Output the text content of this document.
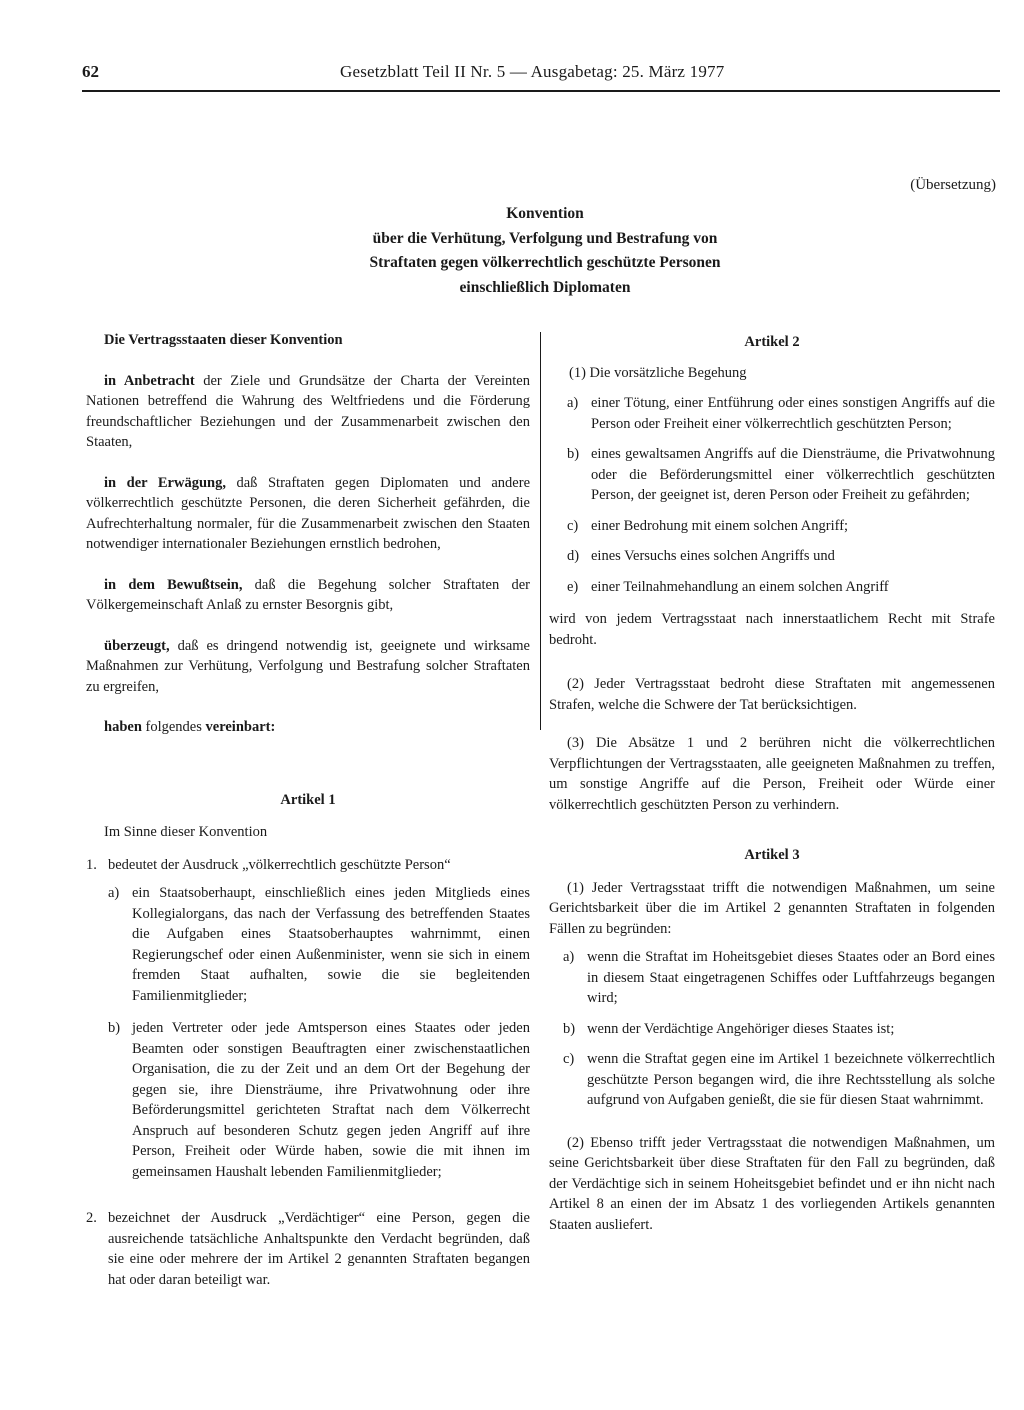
62	Gesetzblatt Teil II Nr. 5 — Ausgabetag: 25. März 1977
(Übersetzung)
Konvention
über die Verhütung, Verfolgung und Bestrafung von
Straftaten gegen völkerrechtlich geschützte Personen
einschließlich Diplomaten

Die Vertragsstaaten dieser Konvention

in Anbetracht der Ziele und Grundsätze der Charta der Vereinten Nationen betreffend die Wahrung des Weltfriedens und die Förderung freundschaftlicher Beziehungen und der Zusammenarbeit zwischen den Staaten,

in der Erwägung, daß Straftaten gegen Diplomaten und andere völkerrechtlich geschützte Personen, die deren Sicherheit gefährden, die Aufrechterhaltung normaler, für die Zusammenarbeit zwischen den Staaten notwendiger internationaler Beziehungen ernstlich bedrohen,

in dem Bewußtsein, daß die Begehung solcher Straftaten der Völkergemeinschaft Anlaß zu ernster Besorgnis gibt,

überzeugt, daß es dringend notwendig ist, geeignete und wirksame Maßnahmen zur Verhütung, Verfolgung und Bestrafung solcher Straftaten zu ergreifen,

haben folgendes vereinbart:

Artikel 1

Im Sinne dieser Konvention

1. bedeutet der Ausdruck „völkerrechtlich geschützte Person“
a) ein Staatsoberhaupt, einschließlich eines jeden Mitglieds eines Kollegialorgans, das nach der Verfassung des betreffenden Staates die Aufgaben eines Staatsoberhauptes wahrnimmt, einen Regierungschef oder einen Außenminister, wenn sie sich in einem fremden Staat aufhalten, sowie die sie begleitenden Familienmitglieder;
b) jeden Vertreter oder jede Amtsperson eines Staates oder jeden Beamten oder sonstigen Beauftragten einer zwischenstaatlichen Organisation, die zu der Zeit und an dem Ort der Begehung der gegen sie, ihre Diensträume, ihre Privatwohnung oder ihre Beförderungsmittel gerichteten Straftat nach dem Völkerrecht Anspruch auf besonderen Schutz gegen jeden Angriff auf ihre Person, Freiheit oder Würde haben, sowie die mit ihnen im gemeinsamen Haushalt lebenden Familienmitglieder;
2. bezeichnet der Ausdruck „Verdächtiger“ eine Person, gegen die ausreichende tatsächliche Anhaltspunkte den Verdacht begründen, daß sie eine oder mehrere der im Artikel 2 genannten Straftaten begangen hat oder daran beteiligt war.

Artikel 2

(1) Die vorsätzliche Begehung

a) einer Tötung, einer Entführung oder eines sonstigen Angriffs auf die Person oder Freiheit einer völkerrechtlich geschützten Person;
b) eines gewaltsamen Angriffs auf die Diensträume, die Privatwohnung oder die Beförderungsmittel einer völkerrechtlich geschützten Person, der geeignet ist, deren Person oder Freiheit zu gefährden;
c) einer Bedrohung mit einem solchen Angriff;
d) eines Versuchs eines solchen Angriffs und
e) einer Teilnahmehandlung an einem solchen Angriff

wird von jedem Vertragsstaat nach innerstaatlichem Recht mit Strafe bedroht.

(2) Jeder Vertragsstaat bedroht diese Straftaten mit angemessenen Strafen, welche die Schwere der Tat berücksichtigen.

(3) Die Absätze 1 und 2 berühren nicht die völkerrechtlichen Verpflichtungen der Vertragsstaaten, alle geeigneten Maßnahmen zu treffen, um sonstige Angriffe auf die Person, Freiheit oder Würde einer völkerrechtlich geschützten Person zu verhindern.

Artikel 3

(1) Jeder Vertragsstaat trifft die notwendigen Maßnahmen, um seine Gerichtsbarkeit über die im Artikel 2 genannten Straftaten in folgenden Fällen zu begründen:

a) wenn die Straftat im Hoheitsgebiet dieses Staates oder an Bord eines in diesem Staat eingetragenen Schiffes oder Luftfahrzeugs begangen wird;
b) wenn der Verdächtige Angehöriger dieses Staates ist;
c) wenn die Straftat gegen eine im Artikel 1 bezeichnete völkerrechtlich geschützte Person begangen wird, die ihre Rechtsstellung als solche aufgrund von Aufgaben genießt, die sie für diesen Staat wahrnimmt.

(2) Ebenso trifft jeder Vertragsstaat die notwendigen Maßnahmen, um seine Gerichtsbarkeit über diese Straftaten für den Fall zu begründen, daß der Verdächtige sich in seinem Hoheitsgebiet befindet und er ihn nicht nach Artikel 8 an einen der im Absatz 1 des vorliegenden Artikels genannten Staaten ausliefert.
